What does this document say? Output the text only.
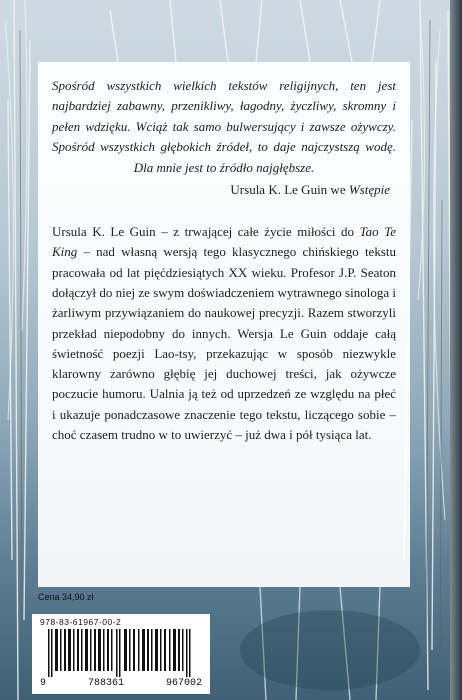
Spośród wszystkich wielkich tekstów religijnych, ten jest najbardziej zabawny, przenikliwy, łagodny, życzliwy, skromny i pełen wdzięku. Wciąż tak samo bulwersujący i zawsze ożywczy. Spośród wszystkich głębokich źródeł, to daje najczystszą wodę. Dla mnie jest to źródło najgłębsze.

Ursula K. Le Guin we Wstępie

Ursula K. Le Guin – z trwającej całe życie miłości do Tao Te King – nad własną wersją tego klasycznego chińskiego tekstu pracowała od lat pięćdziesiątych XX wieku. Profesor J.P. Seaton dołączył do niej ze swym doświadczeniem wytrawnego sinologa i żarliwym przywiązaniem do naukowej precyzji. Razem stworzyli przekład niepodobny do innych. Wersja Le Guin oddaje całą świetność poezji Lao-tsy, przekazując w sposób niezwykle klarowny zarówno głębię jej duchowej treści, jak ożywcze poczucie humoru. Ualnia ją też od uprzedzeń ze względu na płeć i ukazuje ponadczasowe znaczenie tego tekstu, liczącego sobie – choć czasem trudno w to uwierzyć – już dwa i pół tysiąca lat.

Cena 34,90 zł
978-83-61967-00-2
9	788361	967002
